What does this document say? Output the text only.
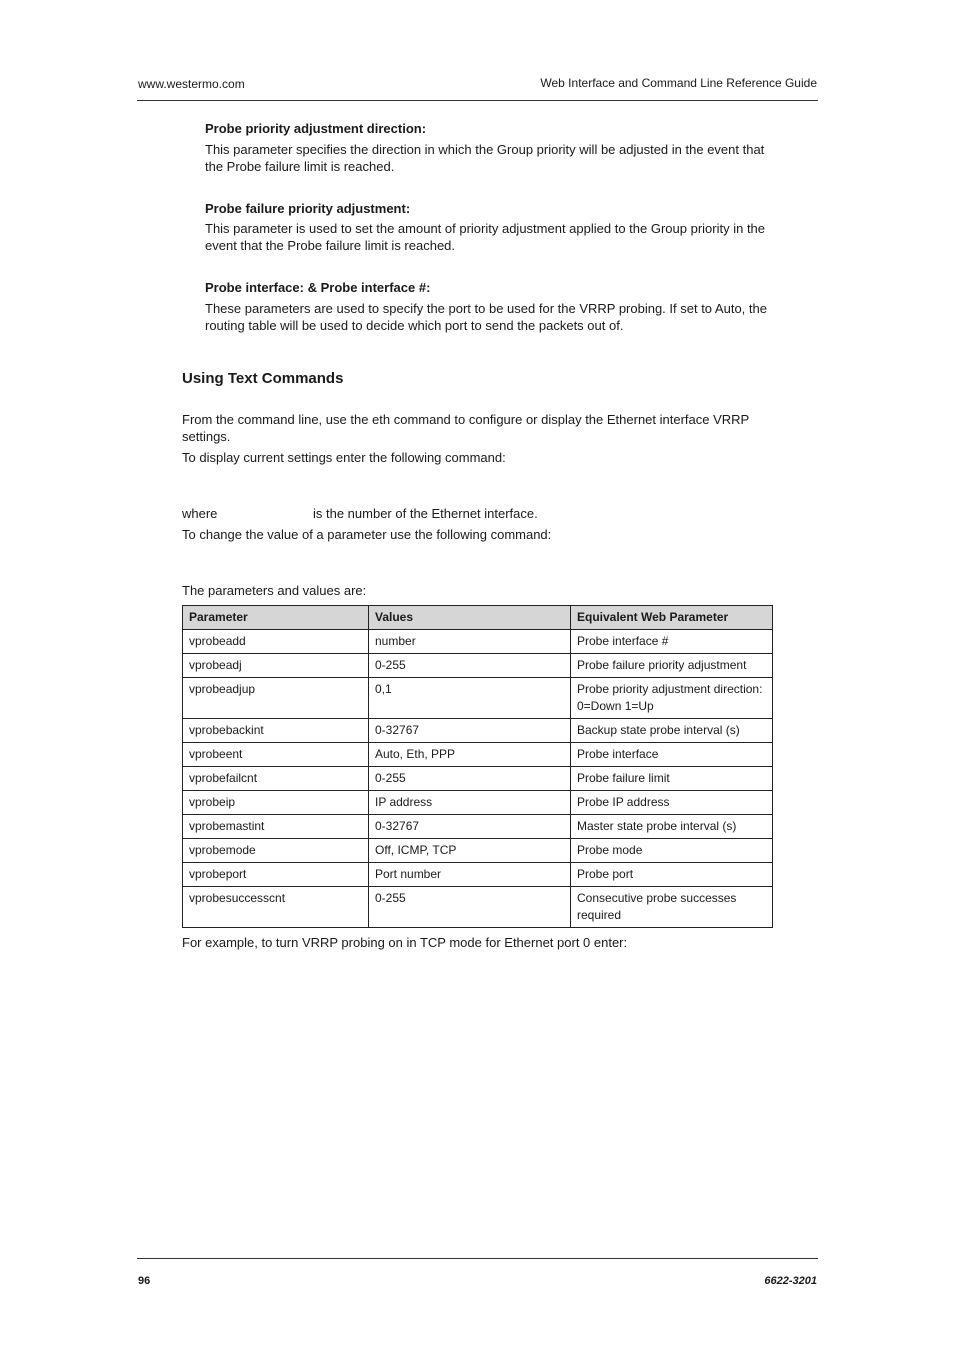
www.westermo.com	Web Interface and Command Line Reference Guide
Probe priority adjustment direction:
This parameter specifies the direction in which the Group priority will be adjusted in the event that the Probe failure limit is reached.
Probe failure priority adjustment:
This parameter is used to set the amount of priority adjustment applied to the Group priority in the event that the Probe failure limit is reached.
Probe interface: & Probe interface #:
These parameters are used to specify the port to be used for the VRRP probing. If set to Auto, the routing table will be used to decide which port to send the packets out of.
Using Text Commands
From the command line, use the eth command to configure or display the Ethernet interface VRRP settings.
To display current settings enter the following command:
where	is the number of the Ethernet interface.
To change the value of a parameter use the following command:
The parameters and values are:
Parameter	Values	Equivalent Web Parameter
vprobeadd	number	Probe interface #
vprobeadj	0-255	Probe failure priority adjustment
vprobeadjup	0,1	Probe priority adjustment direction: 0=Down 1=Up
vprobebackint	0-32767	Backup state probe interval (s)
vprobeent	Auto, Eth, PPP	Probe interface
vprobefailcnt	0-255	Probe failure limit
vprobeip	IP address	Probe IP address
vprobemastint	0-32767	Master state probe interval (s)
vprobemode	Off, ICMP, TCP	Probe mode
vprobeport	Port number	Probe port
vprobesuccesscnt	0-255	Consecutive probe successes required
For example, to turn VRRP probing on in TCP mode for Ethernet port 0 enter:
96	6622-3201
